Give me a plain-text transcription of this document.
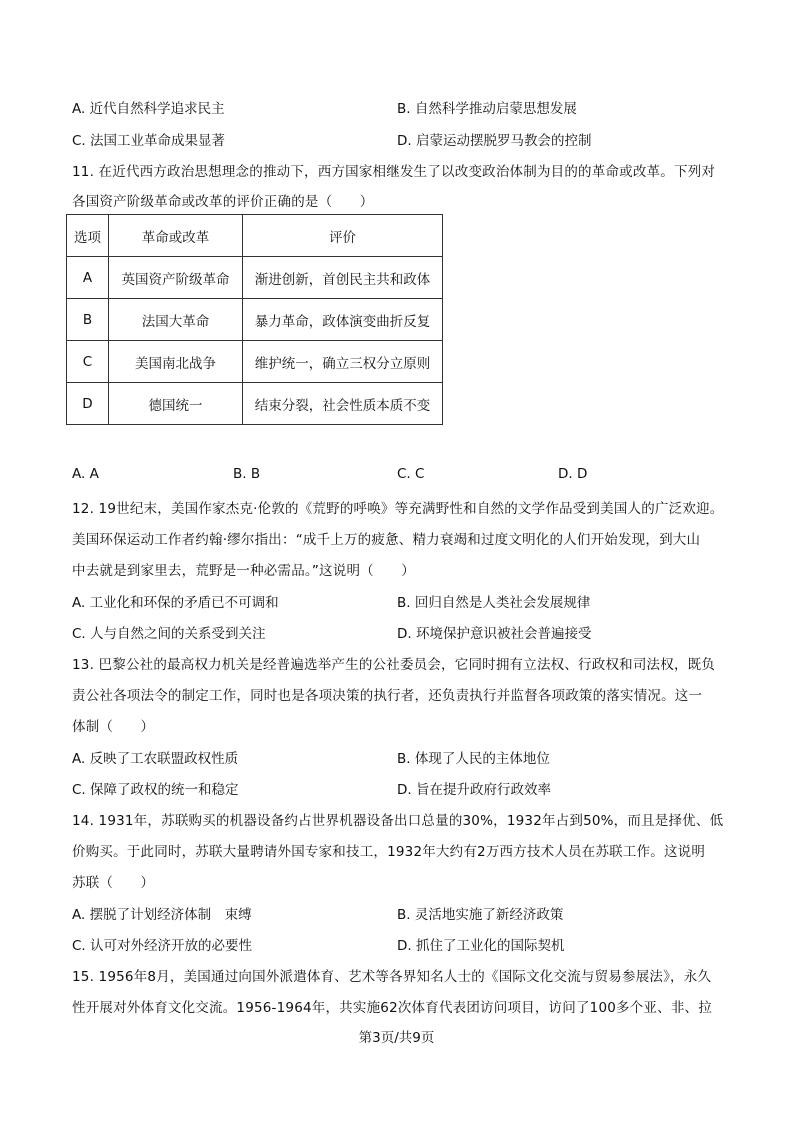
A. 近代自然科学追求民主	B. 自然科学推动启蒙思想发展
C. 法国工业革命成果显著	D. 启蒙运动摆脱罗马教会的控制
11. 在近代西方政治思想理念的推动下，西方国家相继发生了以改变政治体制为目的的革命或改革。下列对
各国资产阶级革命或改革的评价正确的是（　　）
选项	革命或改革	评价
A	英国资产阶级革命	渐进创新，首创民主共和政体
B	法国大革命	暴力革命，政体演变曲折反复
C	美国南北战争	维护统一，确立三权分立原则
D	德国统一	结束分裂，社会性质本质不变
A. A	B. B	C. C	D. D
12. 19世纪末，美国作家杰克·伦敦的《荒野的呼唤》等充满野性和自然的文学作品受到美国人的广泛欢迎。
美国环保运动工作者约翰·缪尔指出：“成千上万的疲惫、精力衰竭和过度文明化的人们开始发现，到大山
中去就是到家里去，荒野是一种必需品。”这说明（　　）
A. 工业化和环保的矛盾已不可调和	B. 回归自然是人类社会发展规律
C. 人与自然之间的关系受到关注	D. 环境保护意识被社会普遍接受
13. 巴黎公社的最高权力机关是经普遍选举产生的公社委员会，它同时拥有立法权、行政权和司法权，既负
责公社各项法令的制定工作，同时也是各项决策的执行者，还负责执行并监督各项政策的落实情况。这一
体制（　　）
A. 反映了工农联盟政权性质	B. 体现了人民的主体地位
C. 保障了政权的统一和稳定	D. 旨在提升政府行政效率
14. 1931年，苏联购买的机器设备约占世界机器设备出口总量的30%，1932年占到50%，而且是择优、低
价购买。于此同时，苏联大量聘请外国专家和技工，1932年大约有2万西方技术人员在苏联工作。这说明
苏联（　　）
A. 摆脱了计划经济体制　束缚	B. 灵活地实施了新经济政策
C. 认可对外经济开放的必要性	D. 抓住了工业化的国际契机
15. 1956年8月，美国通过向国外派遣体育、艺术等各界知名人士的《国际文化交流与贸易参展法》，永久
性开展对外体育文化交流。1956-1964年，共实施62次体育代表团访问项目，访问了100多个亚、非、拉
第3页/共9页
